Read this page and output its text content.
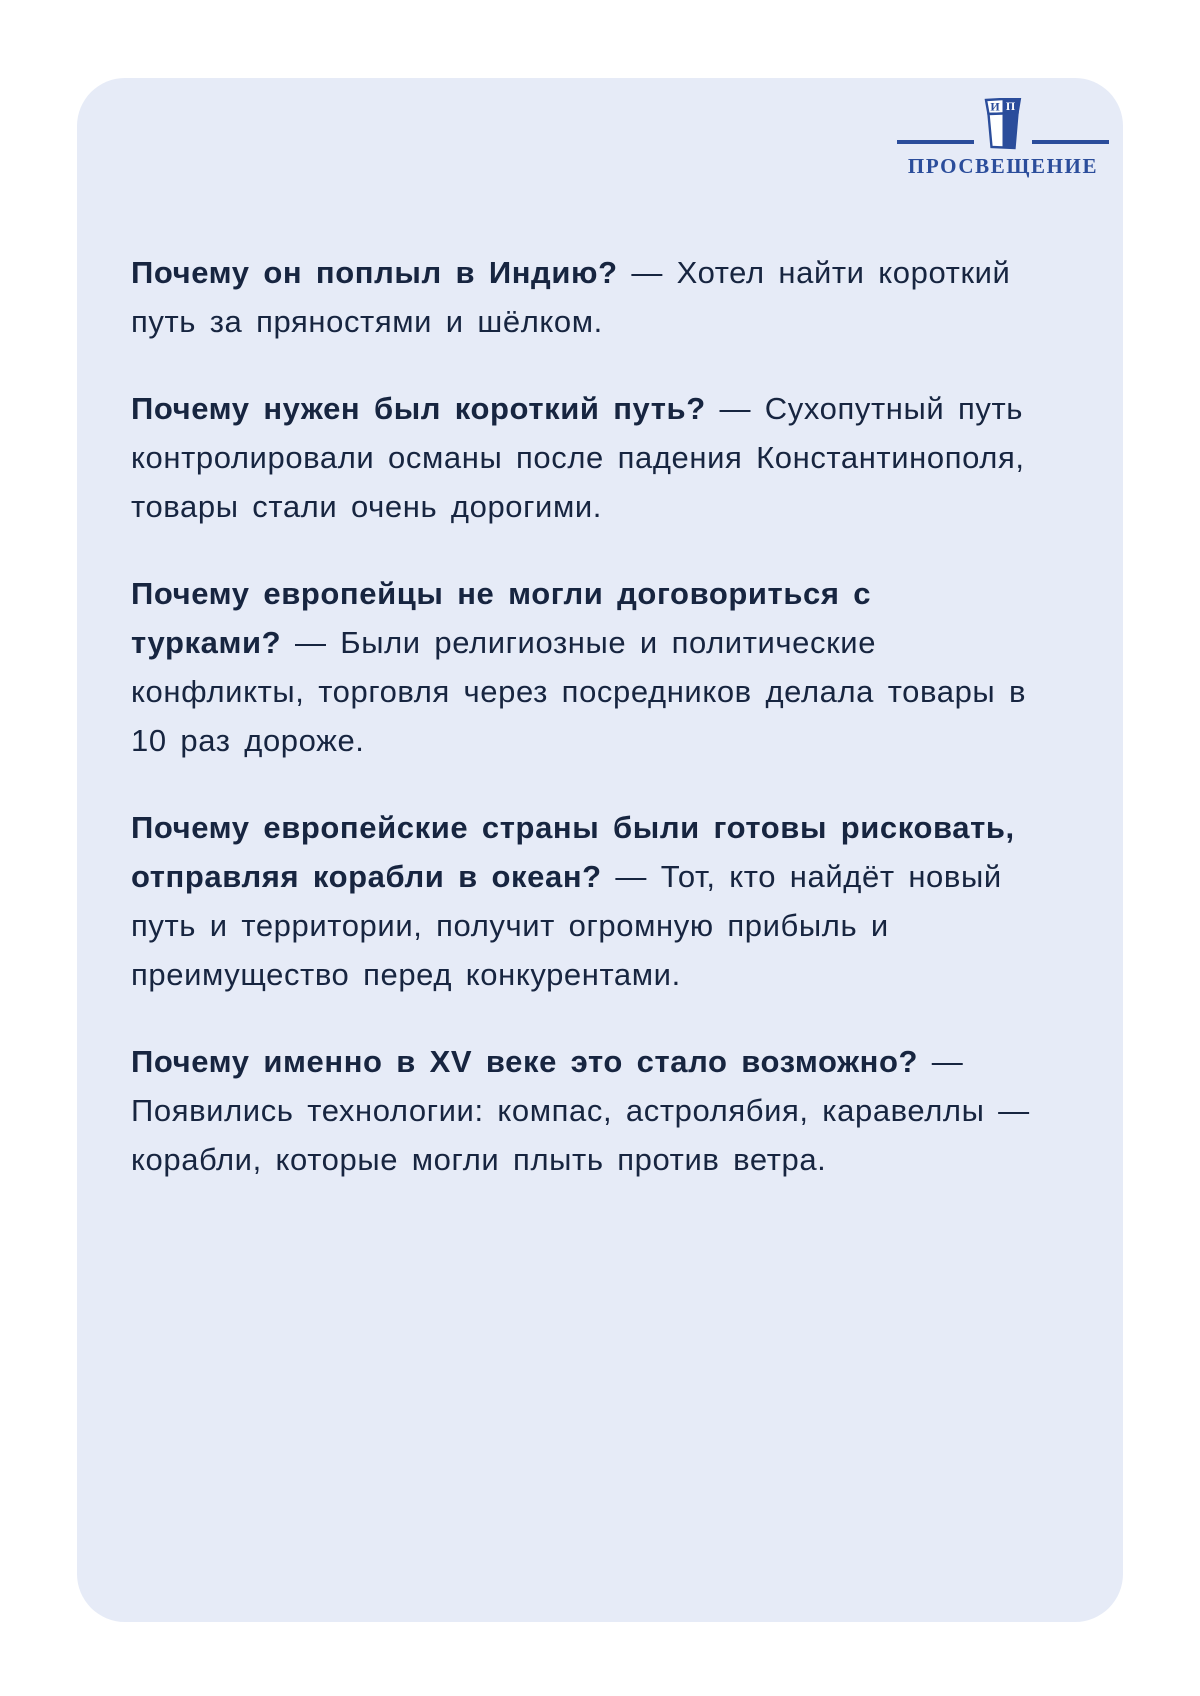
И П
ПРОСВЕЩЕНИЕ

Почему он поплыл в Индию? — Хотел найти короткий путь за пряностями и шёлком.

Почему нужен был короткий путь? — Сухопутный путь контролировали османы после падения Константинополя, товары стали очень дорогими.

Почему европейцы не могли договориться с турками? — Были религиозные и политические конфликты, торговля через посредников делала товары в 10 раз дороже.

Почему европейские страны были готовы рисковать, отправляя корабли в океан? — Тот, кто найдёт новый путь и территории, получит огромную прибыль и преимущество перед конкурентами.

Почему именно в XV веке это стало возможно? — Появились технологии: компас, астролябия, каравеллы — корабли, которые могли плыть против ветра.
